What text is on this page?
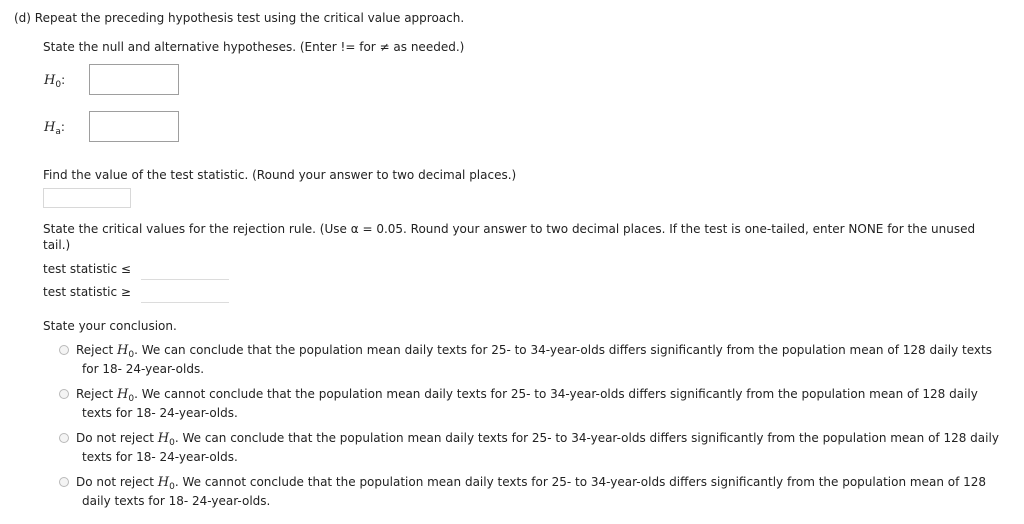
(d) Repeat the preceding hypothesis test using the critical value approach.
State the null and alternative hypotheses. (Enter != for ≠ as needed.)
$H_0$:
$H_a$:
Find the value of the test statistic. (Round your answer to two decimal places.)
State the critical values for the rejection rule. (Use α = 0.05. Round your answer to two decimal places. If the test is one-tailed, enter NONE for the unused
tail.)
test statistic ≤
test statistic ≥
State your conclusion.
Reject $H_0$. We can conclude that the population mean daily texts for 25- to 34-year-olds differs significantly from the population mean of 128 daily texts
for 18- 24-year-olds.
Reject $H_0$. We cannot conclude that the population mean daily texts for 25- to 34-year-olds differs significantly from the population mean of 128 daily
texts for 18- 24-year-olds.
Do not reject $H_0$. We can conclude that the population mean daily texts for 25- to 34-year-olds differs significantly from the population mean of 128 daily
texts for 18- 24-year-olds.
Do not reject $H_0$. We cannot conclude that the population mean daily texts for 25- to 34-year-olds differs significantly from the population mean of 128
daily texts for 18- 24-year-olds.
